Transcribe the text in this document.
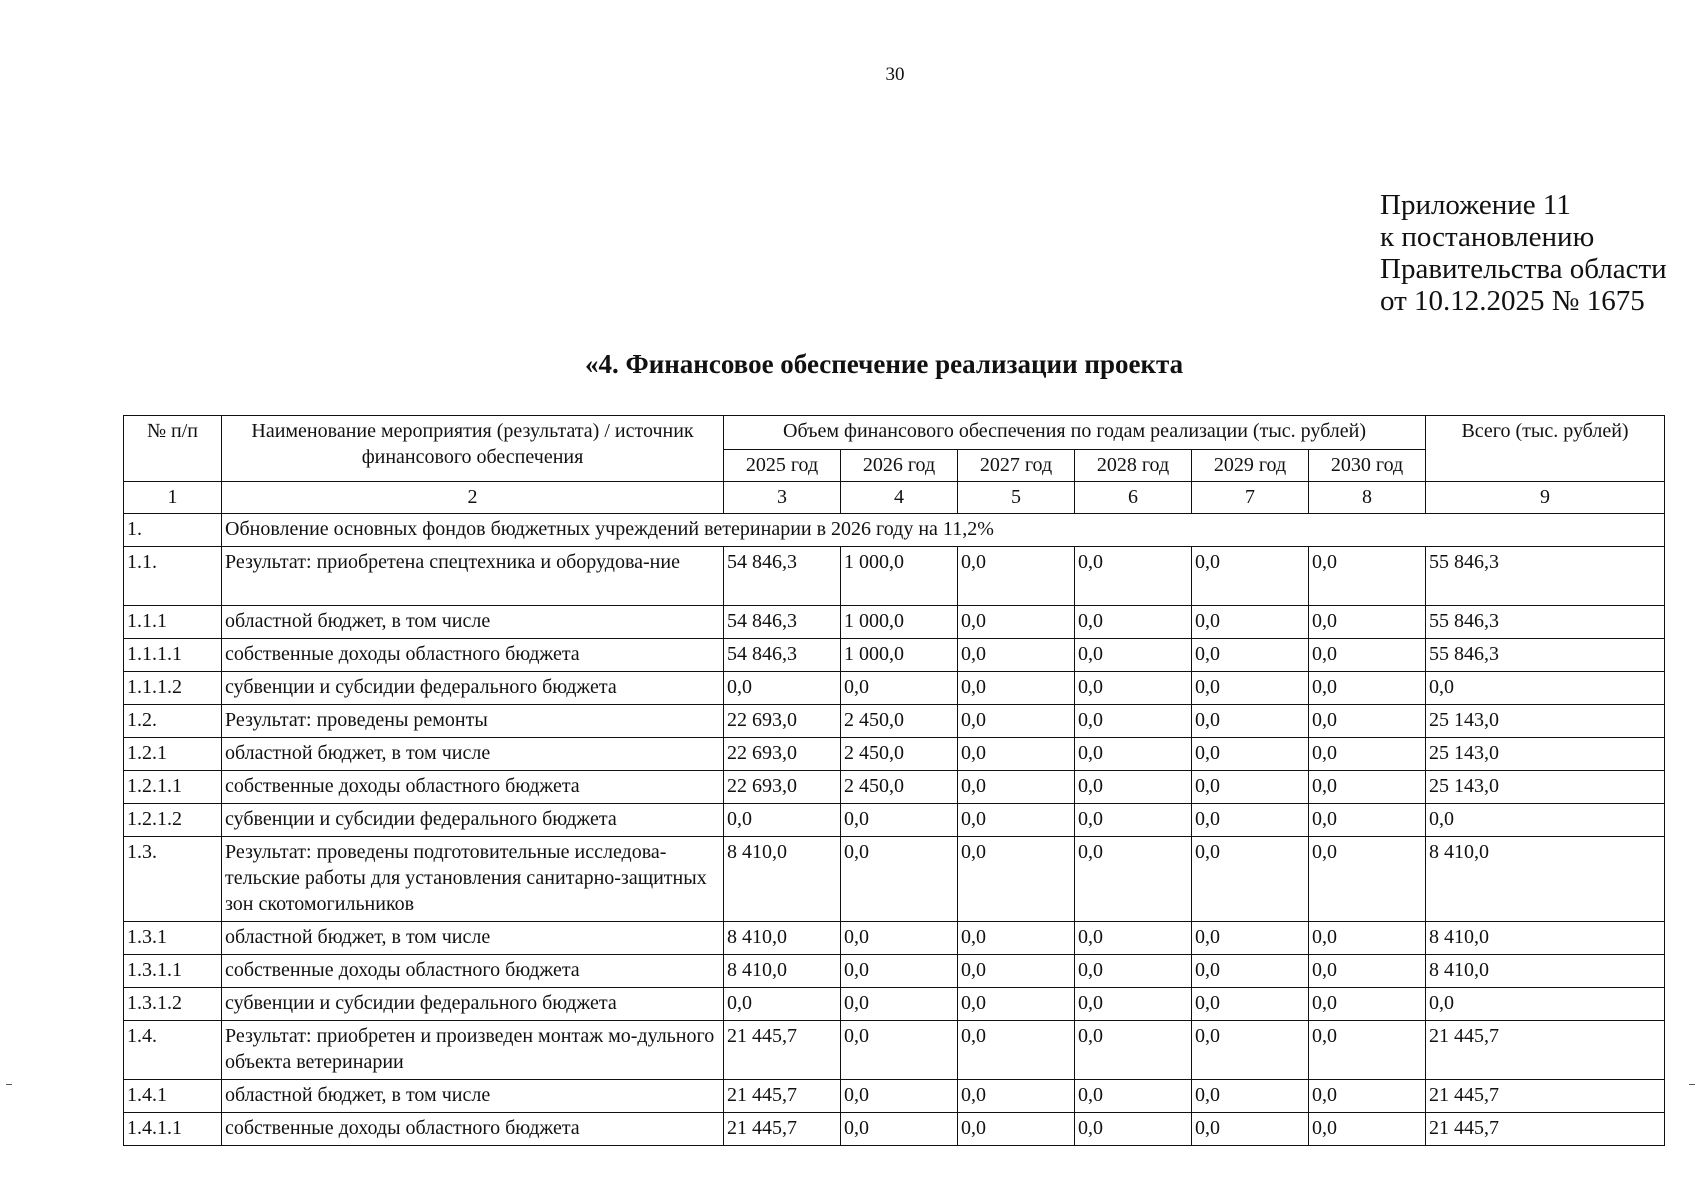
30
Приложение 11
к постановлению
Правительства области
от 10.12.2025 № 1675
«4. Финансовое обеспечение реализации проекта
№ п/п	Наименование мероприятия (результата) / источник финансового обеспечения	Объем финансового обеспечения по годам реализации (тыс. рублей)						Всего (тыс. рублей)
		2025 год	2026 год	2027 год	2028 год	2029 год	2030 год	
1	2	3	4	5	6	7	8	9
1.	Обновление основных фондов бюджетных учреждений ветеринарии в 2026 году на 11,2%							
1.1.	Результат: приобретена спецтехника и оборудова-ние	54 846,3	1 000,0	0,0	0,0	0,0	0,0	55 846,3
1.1.1	областной бюджет, в том числе	54 846,3	1 000,0	0,0	0,0	0,0	0,0	55 846,3
1.1.1.1	собственные доходы областного бюджета	54 846,3	1 000,0	0,0	0,0	0,0	0,0	55 846,3
1.1.1.2	субвенции и субсидии федерального бюджета	0,0	0,0	0,0	0,0	0,0	0,0	0,0
1.2.	Результат: проведены ремонты	22 693,0	2 450,0	0,0	0,0	0,0	0,0	25 143,0
1.2.1	областной бюджет, в том числе	22 693,0	2 450,0	0,0	0,0	0,0	0,0	25 143,0
1.2.1.1	собственные доходы областного бюджета	22 693,0	2 450,0	0,0	0,0	0,0	0,0	25 143,0
1.2.1.2	субвенции и субсидии федерального бюджета	0,0	0,0	0,0	0,0	0,0	0,0	0,0
1.3.	Результат: проведены подготовительные исследова-тельские работы для установления санитарно-защитных зон скотомогильников	8 410,0	0,0	0,0	0,0	0,0	0,0	8 410,0
1.3.1	областной бюджет, в том числе	8 410,0	0,0	0,0	0,0	0,0	0,0	8 410,0
1.3.1.1	собственные доходы областного бюджета	8 410,0	0,0	0,0	0,0	0,0	0,0	8 410,0
1.3.1.2	субвенции и субсидии федерального бюджета	0,0	0,0	0,0	0,0	0,0	0,0	0,0
1.4.	Результат: приобретен и произведен монтаж мо-дульного объекта ветеринарии	21 445,7	0,0	0,0	0,0	0,0	0,0	21 445,7
1.4.1	областной бюджет, в том числе	21 445,7	0,0	0,0	0,0	0,0	0,0	21 445,7
1.4.1.1	собственные доходы областного бюджета	21 445,7	0,0	0,0	0,0	0,0	0,0	21 445,7
